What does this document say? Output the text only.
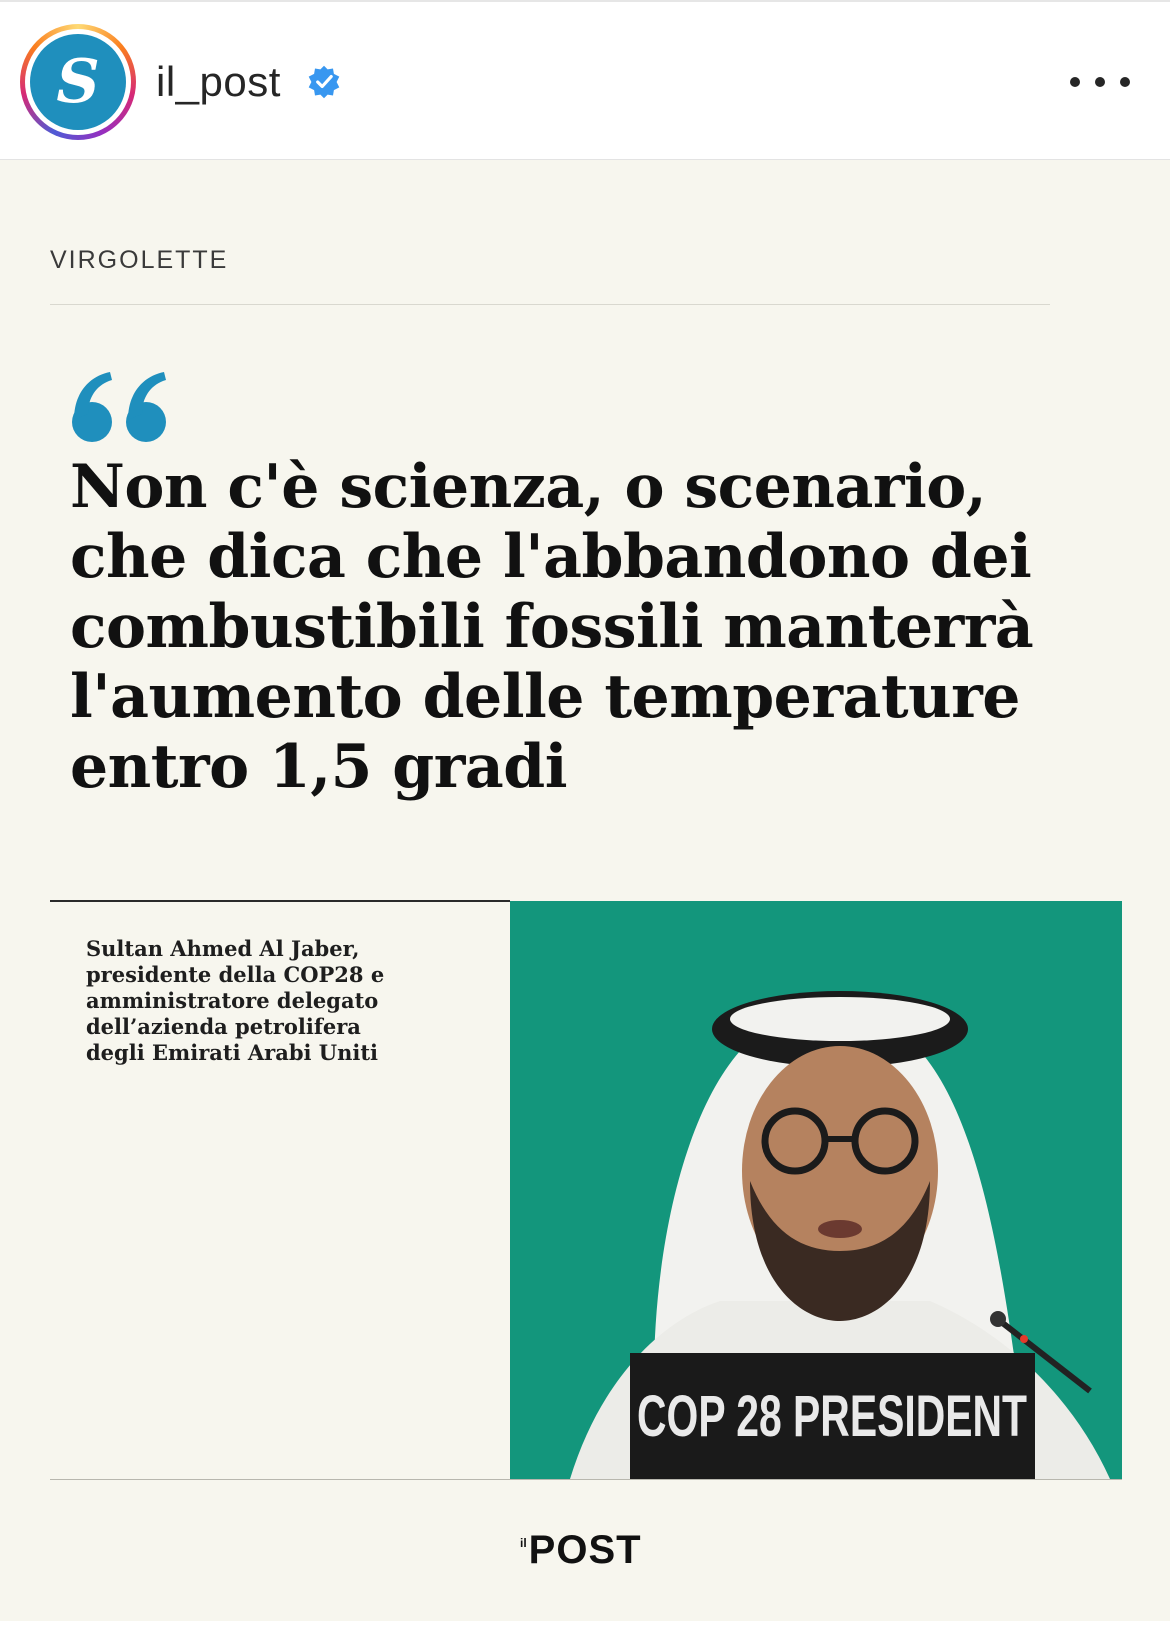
S il_post
VIRGOLETTE

Non c'è scienza, o scenario, che dica che l'abbandono dei combustibili fossili manterrà l'aumento delle temperature entro 1,5 gradi

Sultan Ahmed Al Jaber,
presidente della COP28 e
amministratore delegato
dell’azienda petrolifera
degli Emirati Arabi Uniti

COP 28 PRESIDENT
il POST
